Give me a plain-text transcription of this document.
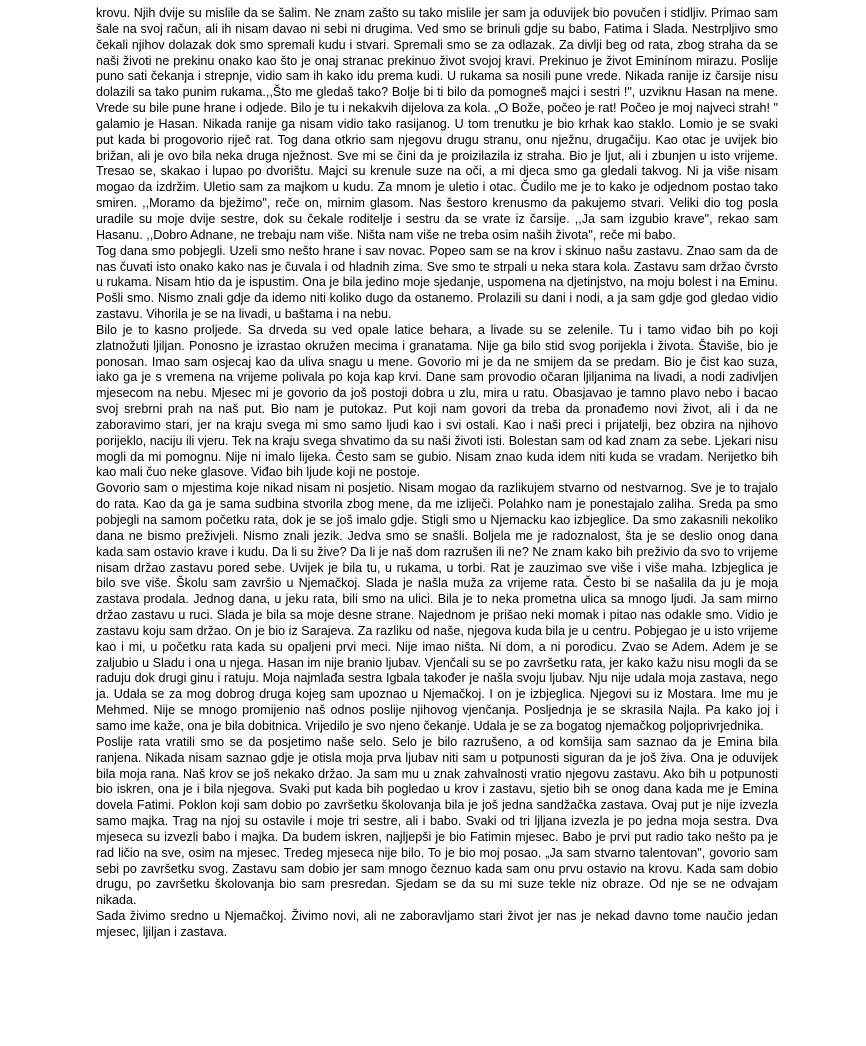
krovu. Njih dvije su mislile da se šalim. Ne znam zašto su tako mislile jer sam ja oduvijek bio povučen i stidljiv. Primao sam šale na svoj račun, ali ih nisam davao ni sebi ni drugima. Ved smo se brinuli gdje su babo, Fatima i Slada. Nestrpljivo smo čekali njihov dolazak dok smo spremali kudu i stvari. Spremali smo se za odlazak. Za divlji beg od rata, zbog straha da se naši životi ne prekinu onako kao što je onaj stranac prekinuo život svojoj kravi. Prekinuo je život Eminínom mirazu. Poslije puno sati čekanja i strepnje, vidio sam ih kako idu prema kudi. U rukama sa nosili pune vrede. Nikada ranije iz čarsije nisu dolazili sa tako punim rukama.,,Što me gledaš tako? Bolje bi ti bilo da pomogneš majci i sestri !", uzviknu Hasan na mene. Vrede su bile pune hrane i odjede. Bilo je tu i nekakvih dijelova za kola. „O Bože, počeo je rat! Počeo je moj najveci strah! " galamio je Hasan. Nikada ranije ga nisam vidio tako rasijanog. U tom trenutku je bio krhak kao staklo. Lomio je se svaki put kada bi progovorio riječ rat. Tog dana otkrio sam njegovu drugu stranu, onu nježnu, drugačiju. Kao otac je uvijek bio brižan, ali je ovo bila neka druga nježnost. Sve mi se čini da je proizilazila iz straha. Bio je ljut, ali i zbunjen u isto vrijeme. Tresao se, skakao i lupao po dvorištu. Majci su krenule suze na oči, a mi djeca smo ga gledali takvog. Ni ja više nisam mogao da izdržim. Uletio sam za majkom u kudu. Za mnom je uletio i otac. Čudilo me je to kako je odjednom postao tako smiren. ,,Moramo da bježimo", reče on, mirnim glasom. Nas šestoro krenusmo da pakujemo stvari. Veliki dio tog posla uradile su moje dvije sestre, dok su čekale roditelje i sestru da se vrate iz čarsije. ,,Ja sam izgubio krave", rekao sam Hasanu. ,,Dobro Adnane, ne trebaju nam više. Ništa nam više ne treba osim naših života", reče mi babo.

Tog dana smo pobjegli. Uzeli smo nešto hrane i sav novac. Popeo sam se na krov i skinuo našu zastavu. Znao sam da de nas čuvati isto onako kako nas je čuvala i od hladnih zima. Sve smo te strpali u neka stara kola. Zastavu sam držao čvrsto u rukama. Nisam htio da je ispustim. Ona je bila jedino moje sjedanje, uspomena na djetinjstvo, na moju bolest i na Eminu. Pošli smo. Nismo znali gdje da idemo niti koliko dugo da ostanemo. Prolazili su dani i nodi, a ja sam gdje god gledao vidio zastavu. Vihorila je se na livadi, u baštama i na nebu.

Bilo je to kasno proljede. Sa drveda su ved opale latice behara, a livade su se zelenile. Tu i tamo viđao bih po koji zlatnožuti ljiljan. Ponosno je izrastao okružen mecima i granatama. Nije ga bilo stid svog porijekla i života. Štaviše, bio je ponosan. Imao sam osjecaj kao da uliva snagu u mene. Govorio mi je da ne smijem da se predam. Bio je čist kao suza, iako ga je s vremena na vrijeme polivala po koja kap krvi. Dane sam provodio očaran ljiljanima na livadi, a nodi zadivljen mjesecom na nebu. Mjesec mi je govorio da još postoji dobra u zlu, mira u ratu. Obasjavao je tamno plavo nebo i bacao svoj srebrni prah na naš put. Bio nam je putokaz. Put koji nam govori da treba da pronađemo novi život, ali i da ne zaboravimo stari, jer na kraju svega mi smo samo ljudi kao i svi ostali. Kao i naši preci i prijatelji, bez obzira na njihovo porijeklo, naciju ili vjeru. Tek na kraju svega shvatimo da su naši životi isti. Bolestan sam od kad znam za sebe. Ljekari nisu mogli da mi pomognu. Nije ni imalo lijeka. Često sam se gubio. Nisam znao kuda idem niti kuda se vradam. Nerijetko bih kao mali čuo neke glasove. Viđao bih ljude koji ne postoje.

Govorio sam o mjestima koje nikad nisam ni posjetio. Nisam mogao da razlikujem stvarno od nestvarnog. Sve je to trajalo do rata. Kao da ga je sama sudbina stvorila zbog mene, da me izliječi. Polahko nam je ponestajalo zaliha. Sreda pa smo pobjegli na samom početku rata, dok je se još imalo gdje. Stigli smo u Njemacku kao izbjeglice. Da smo zakasnili nekoliko dana ne bismo preživjeli. Nismo znali jezik. Jedva smo se snašli. Boljela me je radoznalost, šta je se deslio onog dana kada sam ostavio krave i kudu. Da li su žive? Da li je naš dom razrušen ili ne? Ne znam kako bih preživio da svo to vrijeme nisam držao zastavu pored sebe. Uvijek je bila tu, u rukama, u torbi. Rat je zauzimao sve više i više maha. Izbjeglica je bilo sve više. Školu sam završio u Njemačkoj. Slada je našla muža za vrijeme rata. Često bi se našalila da ju je moja zastava prodala. Jednog dana, u jeku rata, bili smo na ulici. Bila je to neka prometna ulica sa mnogo ljudi. Ja sam mirno držao zastavu u ruci. Slada je bila sa moje desne strane. Najednom je prišao neki momak i pitao nas odakle smo. Vidio je zastavu koju sam držao. On je bio iz Sarajeva. Za razliku od naše, njegova kuda bila je u centru. Pobjegao je u isto vrijeme kao i mi, u početku rata kada su opaljeni prvi meci. Nije imao ništa. Ni dom, a ni porodicu. Zvao se Adem. Adem je se zaljubio u Sladu i ona u njega. Hasan im nije branio ljubav. Vjenčali su se po završetku rata, jer kako kažu nisu mogli da se raduju dok drugi ginu i ratuju. Moja najmlađa sestra Igbala također je našla svoju ljubav. Nju nije udala moja zastava, nego ja. Udala se za mog dobrog druga kojeg sam upoznao u Njemačkoj. I on je izbjeglica. Njegovi su iz Mostara. Ime mu je Mehmed. Nije se mnogo promijenio naš odnos poslije njihovog vjenčanja. Posljednja je se skrasila Najla. Pa kako joj i samo ime kaže, ona je bila dobitnica. Vrijedilo je svo njeno čekanje. Udala je se za bogatog njemačkog poljoprivrjednika.

Poslije rata vratili smo se da posjetimo naše selo. Selo je bilo razrušeno, a od komšija sam saznao da je Emina bila ranjena. Nikada nisam saznao gdje je otisla moja prva ljubav niti sam u potpunosti siguran da je još živa. Ona je oduvijek bila moja rana. Naš krov se još nekako držao. Ja sam mu u znak zahvalnosti vratio njegovu zastavu. Ako bih u potpunosti bio iskren, ona je i bila njegova. Svaki put kada bih pogledao u krov i zastavu, sjetio bih se onog dana kada me je Emina dovela Fatimi. Poklon koji sam dobio po završetku školovanja bila je još jedna sandžačka zastava. Ovaj put je nije izvezla samo majka. Trag na njoj su ostavile i moje tri sestre, ali i babo. Svaki od tri ljljana izvezla je po jedna moja sestra. Dva mjeseca su izvezli babo i majka. Da budem iskren, najljepši je bio Fatimin mjesec. Babo je prvi put radio tako nešto pa je rad ličio na sve, osim na mjesec. Tredeg mjeseca nije bilo. To je bio moj posao. „Ja sam stvarno talentovan", govorio sam sebi po završetku svog. Zastavu sam dobio jer sam mnogo čeznuo kada sam onu prvu ostavio na krovu. Kada sam dobio drugu, po završetku školovanja bio sam presredan. Sjedam se da su mi suze tekle niz obraze. Od nje se ne odvajam nikada.

Sada živimo sredno u Njemačkoj. Živimo novi, ali ne zaboravljamo stari život jer nas je nekad davno tome naučio jedan mjesec, ljiljan i zastava.
